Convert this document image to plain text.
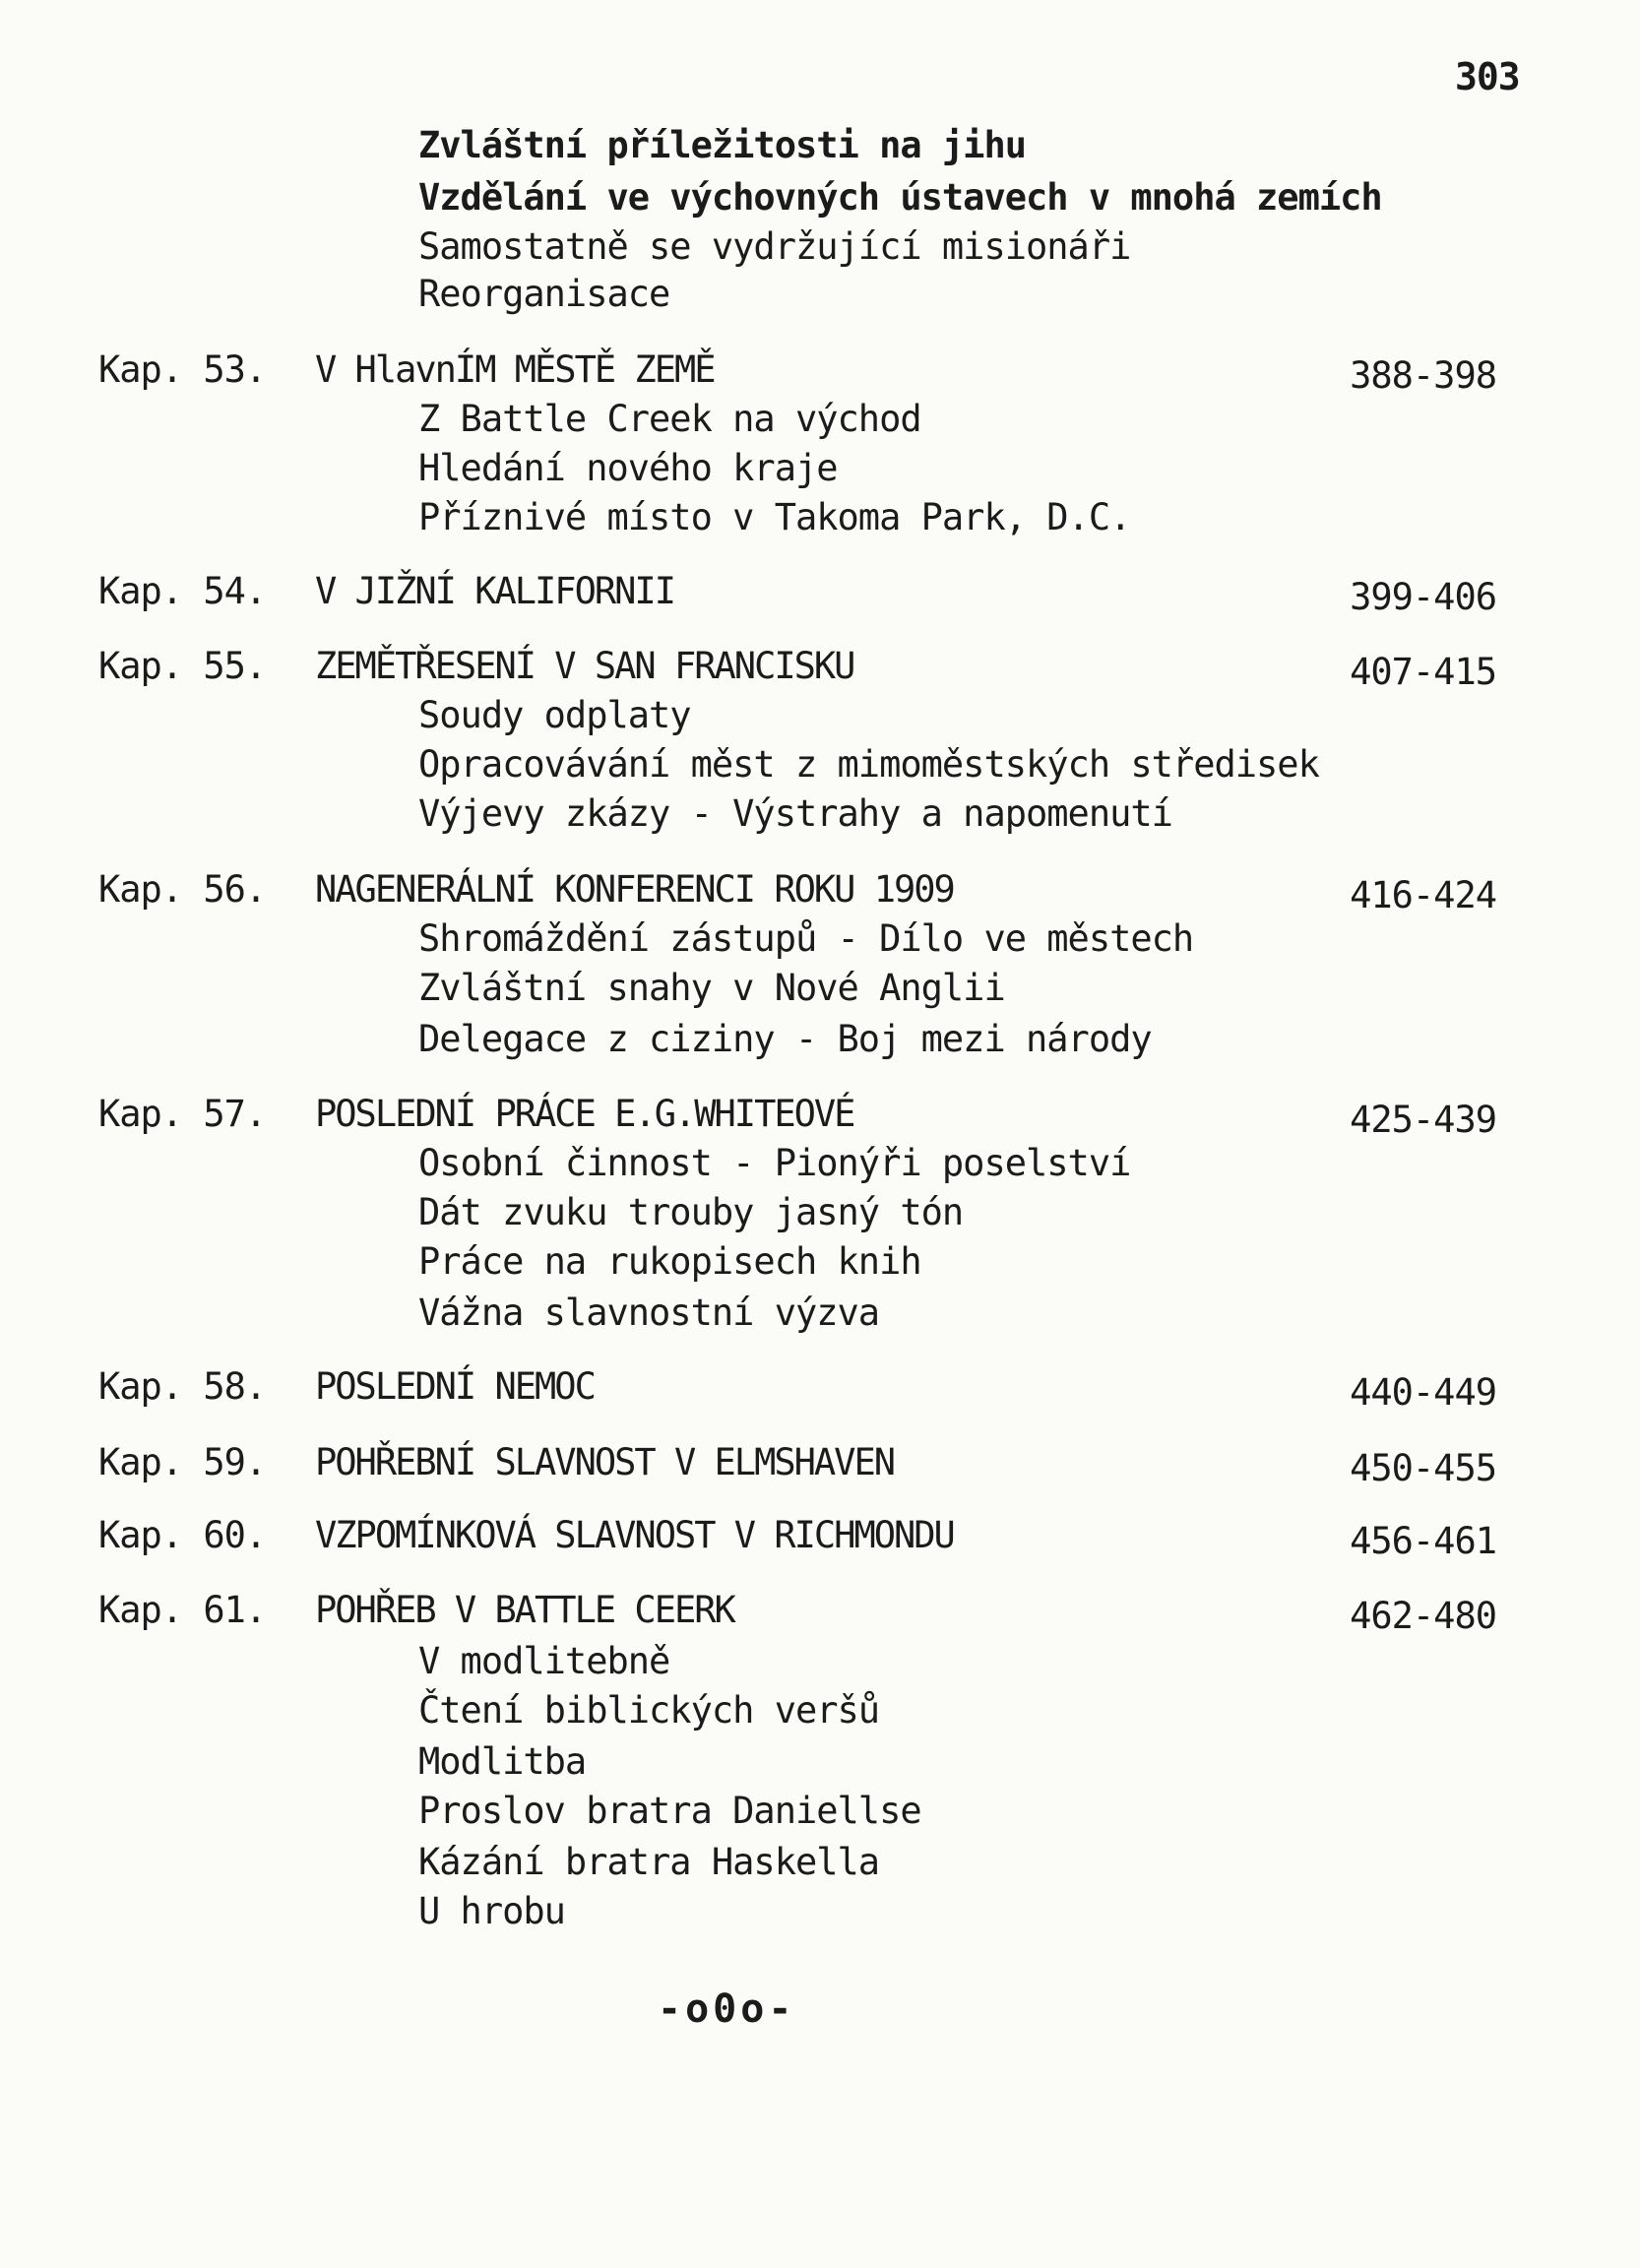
303
Zvláštní příležitosti na jihu
Vzdělání ve výchovných ústavech v mnohá zemích
Samostatně se vydržující misionáři
Reorganisace
Kap. 53. V HlavnÍM MĚSTĚ ZEMĚ	388-398
Z Battle Creek na východ
Hledání nového kraje
Příznivé místo v Takoma Park, D.C.
Kap. 54. V JIŽNÍ KALIFORNII	399-406
Kap. 55. ZEMĚTŘESENÍ V SAN FRANCISKU	407-415
Soudy odplaty
Opracovávání měst z mimoměstských středisek
Výjevy zkázy - Výstrahy a napomenutí
Kap. 56. NAGENERÁLNÍ KONFERENCI ROKU 1909	416-424
Shromáždění zástupů - Dílo ve městech
Zvláštní snahy v Nové Anglii
Delegace z ciziny - Boj mezi národy
Kap. 57. POSLEDNÍ PRÁCE E.G.WHITEOVÉ	425-439
Osobní činnost - Pionýři poselství
Dát zvuku trouby jasný tón
Práce na rukopisech knih
Vážna slavnostní výzva
Kap. 58. POSLEDNÍ NEMOC	440-449
Kap. 59. POHŘEBNÍ SLAVNOST V ELMSHAVEN	450-455
Kap. 60. VZPOMÍNKOVÁ SLAVNOST V RICHMONDU	456-461
Kap. 61. POHŘEB V BATTLE CEERK	462-480
V modlitebně
Čtení biblických veršů
Modlitba
Proslov bratra Daniellse
Kázání bratra Haskella
U hrobu
-o0o-
